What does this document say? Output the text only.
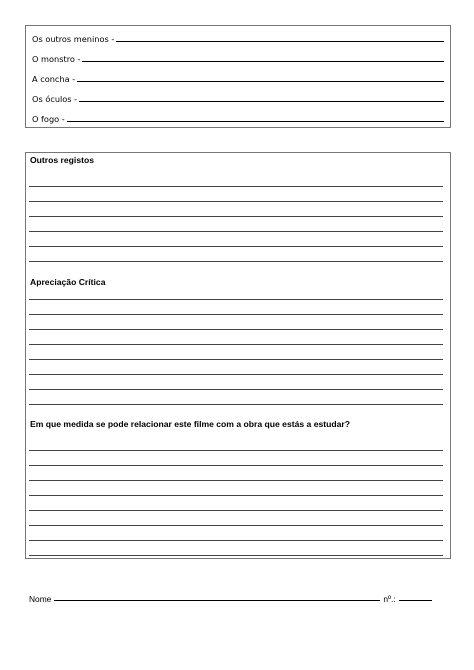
Os outros meninos -
O monstro -
A concha -
Os óculos -
O fogo -
Outros registos
Apreciação Crítica
Em que medida se pode relacionar este filme com a obra que estás a estudar?
Nome	nº.:
